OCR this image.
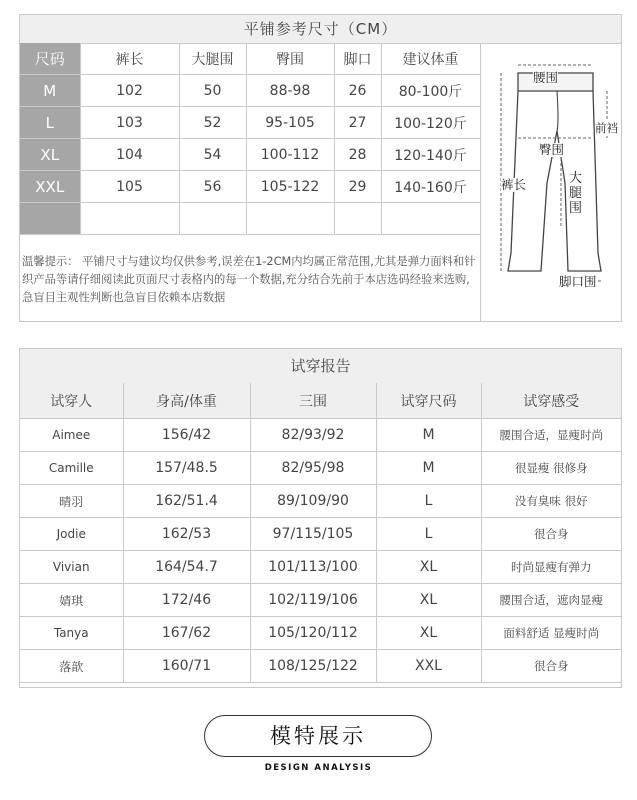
平铺参考尺寸（CM）
尺码	裤长	大腿围	臀围	脚口	建议体重
M	102	50	88-98	26	80-100斤
L	103	52	95-105	27	100-120斤
XL	104	54	100-112	28	120-140斤
XXL	105	56	105-122	29	140-160斤

温馨提示： 平铺尺寸与建议均仅供参考,误差在1-2CM内均属正常范围,尤其是弹力面料和针织产品等请仔细阅读此页面尺寸表格内的每一个数据,充分结合先前于本店选码经验来选购,急盲目主观性判断也急盲目依赖本店数据
腰围
前裆
臀围
裤长	大腿围
脚口围
试穿报告
试穿人	身高/体重	三围	试穿尺码	试穿感受
Aimee	156/42	82/93/92	M	腰围合适，显瘦时尚
Camille	157/48.5	82/95/98	M	很显瘦 很修身
晴羽	162/51.4	89/109/90	L	没有臭味 很好
Jodie	162/53	97/115/105	L	很合身
Vivian	164/54.7	101/113/100	XL	时尚显瘦有弹力
婧琪	172/46	102/119/106	XL	腰围合适，遮肉显瘦
Tanya	167/62	105/120/112	XL	面料舒适 显瘦时尚
落歆	160/71	108/125/122	XXL	很合身
模特展示
DESIGN ANALYSIS
